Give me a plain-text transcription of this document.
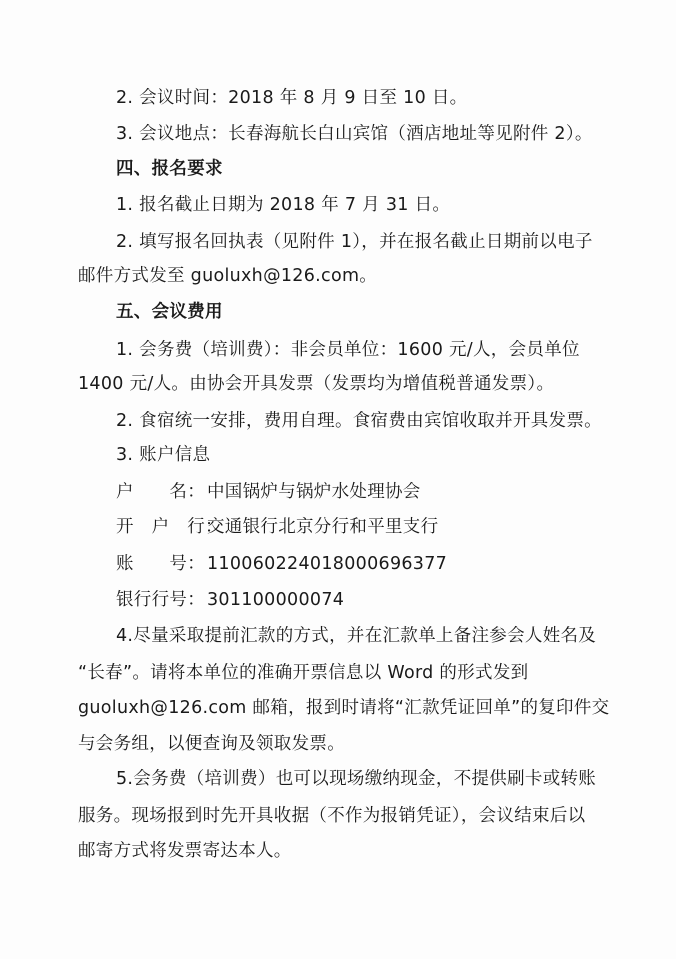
2. 会议时间：2018 年 8 月 9 日至 10 日。
3. 会议地点：长春海航长白山宾馆（酒店地址等见附件 2）。
四、报名要求
1. 报名截止日期为 2018 年 7 月 31 日。
2. 填写报名回执表（见附件 1），并在报名截止日期前以电子
邮件方式发至 guoluxh@126.com。
五、会议费用
1. 会务费（培训费）：非会员单位：1600 元/人，会员单位
1400 元/人。由协会开具发票（发票均为增值税普通发票）。
2. 食宿统一安排，费用自理。食宿费由宾馆收取并开具发票。
3. 账户信息
户　　名： 中国锅炉与锅炉水处理协会
开　户　行：
交通银行北京分行和平里支行
账　　号： 110060224018000696377
银行行号： 301100000074
4.尽量采取提前汇款的方式，并在汇款单上备注参会人姓名及
“长春”。请将本单位的准确开票信息以 Word 的形式发到
guoluxh@126.com 邮箱，报到时请将“汇款凭证回单”的复印件交
与会务组，以便查询及领取发票。
5.会务费（培训费）也可以现场缴纳现金，不提供刷卡或转账
服务。现场报到时先开具收据（不作为报销凭证），会议结束后以
邮寄方式将发票寄达本人。
